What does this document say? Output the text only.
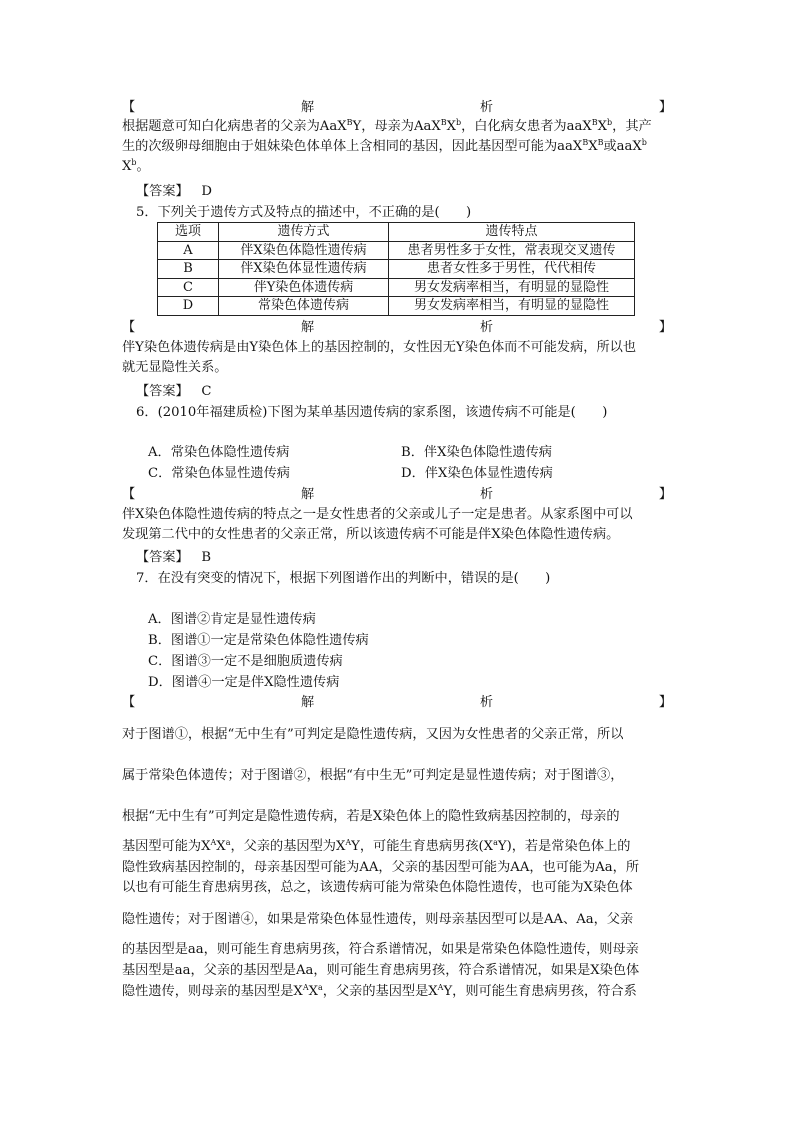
【	解	析	】
根据题意可知白化病患者的父亲为AaX$^B$Y，母亲为$AaX^BX^b$，白化病女患者为$aaX^BX^b$，其产
生的次级卵母细胞由于姐妹染色体单体上含相同的基因，因此基因型可能为$aaX^BX^B$或aaX$^b$
$X^b$。
【答案】 D
5．下列关于遗传方式及特点的描述中，不正确的是(　　)
选项	遗传方式	遗传特点
A	伴X染色体隐性遗传病	患者男性多于女性，常表现交叉遗传
B	伴X染色体显性遗传病	患者女性多于男性，代代相传
C	伴Y染色体遗传病	男女发病率相当，有明显的显隐性
D	常染色体遗传病	男女发病率相当，有明显的显隐性
【	解	析	】
伴Y染色体遗传病是由Y染色体上的基因控制的，女性因无Y染色体而不可能发病，所以也
就无显隐性关系。
【答案】 C
6．(2010年福建质检)下图为某单基因遗传病的家系图，该遗传病不可能是(　　)
A．常染色体隐性遗传病	B．伴X染色体隐性遗传病
C．常染色体显性遗传病	D．伴X染色体显性遗传病
【	解	析	】
伴X染色体隐性遗传病的特点之一是女性患者的父亲或儿子一定是患者。从家系图中可以
发现第二代中的女性患者的父亲正常，所以该遗传病不可能是伴X染色体隐性遗传病。
【答案】 B
7．在没有突变的情况下，根据下列图谱作出的判断中，错误的是(　　)
A．图谱②肯定是显性遗传病
B．图谱①一定是常染色体隐性遗传病
C．图谱③一定不是细胞质遗传病
D．图谱④一定是伴X隐性遗传病
【	解	析	】
对于图谱①，根据“无中生有”可判定是隐性遗传病，又因为女性患者的父亲正常，所以
属于常染色体遗传；对于图谱②，根据“有中生无”可判定是显性遗传病；对于图谱③，
根据“无中生有”可判定是隐性遗传病，若是X染色体上的隐性致病基因控制的，母亲的
基因型可能为$X^AX^a$，父亲的基因型为$X^AY$，可能生育患病男孩$(X^aY)$，若是常染色体上的
隐性致病基因控制的，母亲基因型可能为AA，父亲的基因型可能为AA，也可能为Aa，所
以也有可能生育患病男孩，总之，该遗传病可能为常染色体隐性遗传，也可能为X染色体
隐性遗传；对于图谱④，如果是常染色体显性遗传，则母亲基因型可以是AA、Aa，父亲
的基因型是aa，则可能生育患病男孩，符合系谱情况，如果是常染色体隐性遗传，则母亲
基因型是aa，父亲的基因型是Aa，则可能生育患病男孩，符合系谱情况，如果是X染色体
隐性遗传，则母亲的基因型是$X^AX^a$，父亲的基因型是$X^AY$，则可能生育患病男孩，符合系
